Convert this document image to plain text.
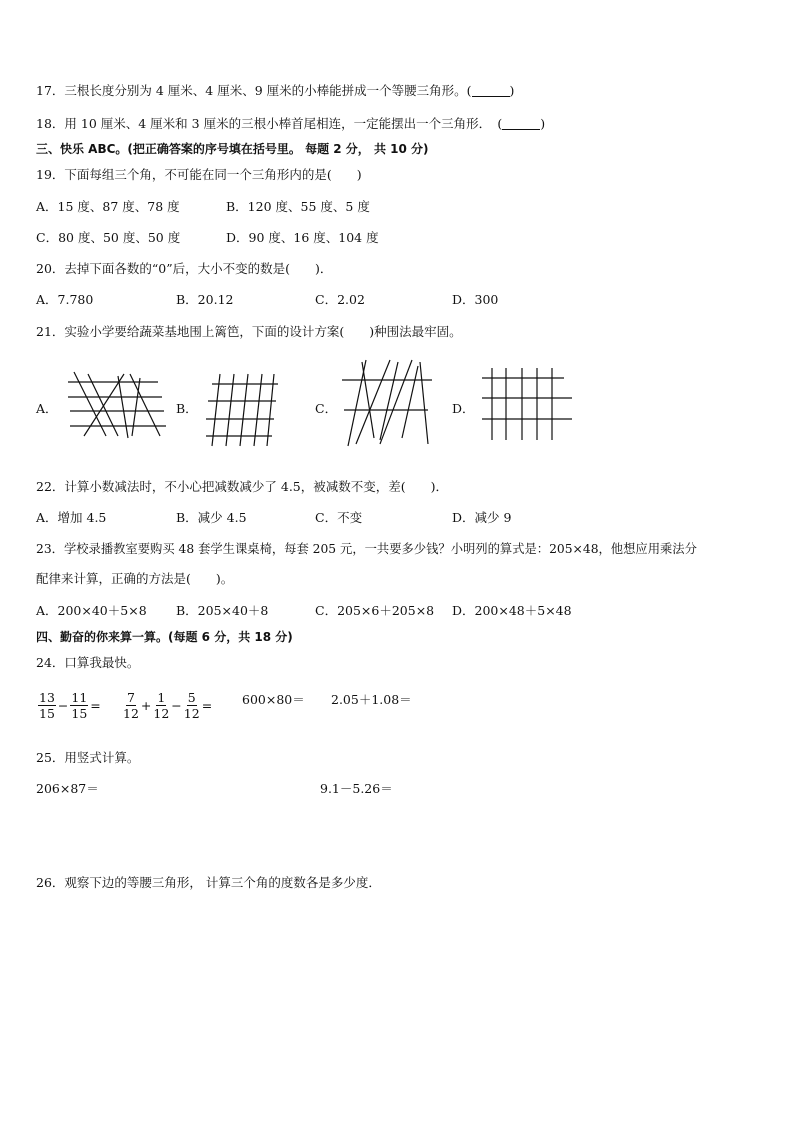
17．三根长度分别为 4 厘米、4 厘米、9 厘米的小棒能拼成一个等腰三角形。(	)
18．用 10 厘米、4 厘米和 3 厘米的三根小棒首尾相连，一定能摆出一个三角形．　(	)
三、快乐 ABC。(把正确答案的序号填在括号里。 每题 2 分， 共 10 分)
19．下面每组三个角，不可能在同一个三角形内的是(　　)
A．15 度、87 度、78 度	B．120 度、55 度、5 度
C．80 度、50 度、50 度	D．90 度、16 度、104 度
20．去掉下面各数的“0”后，大小不变的数是(　　)．
A．7.780	B．20.12	C．2.02	D．300
21．实验小学要给蔬菜基地围上篱笆，下面的设计方案(　　)种围法最牢固。
A．	B．	C．	D．
22．计算小数减法时，不小心把减数减少了 4.5，被减数不变，差(　　)．
A．增加 4.5	B．减少 4.5	C．不变	D．减少 9
23．学校录播教室要购买 48 套学生课桌椅，每套 205 元，一共要多少钱？小明列的算式是：205×48，他想应用乘法分
配律来计算，正确的方法是(　　)。
A．200×40＋5×8 B．205×40＋8	C．205×6＋205×8 D．200×48＋5×48
四、勤奋的你来算一算。(每题 6 分，共 18 分)
24．口算我最快。
$\frac{13}{15} - \frac{11}{15} = \frac{7}{12} + \frac{1}{12} - \frac{5}{12} = 600\times 80= 2.05+1.08=$
25．用竖式计算。
206×87＝	9.1－5.26＝
26．观察下边的等腰三角形， 计算三个角的度数各是多少度．
